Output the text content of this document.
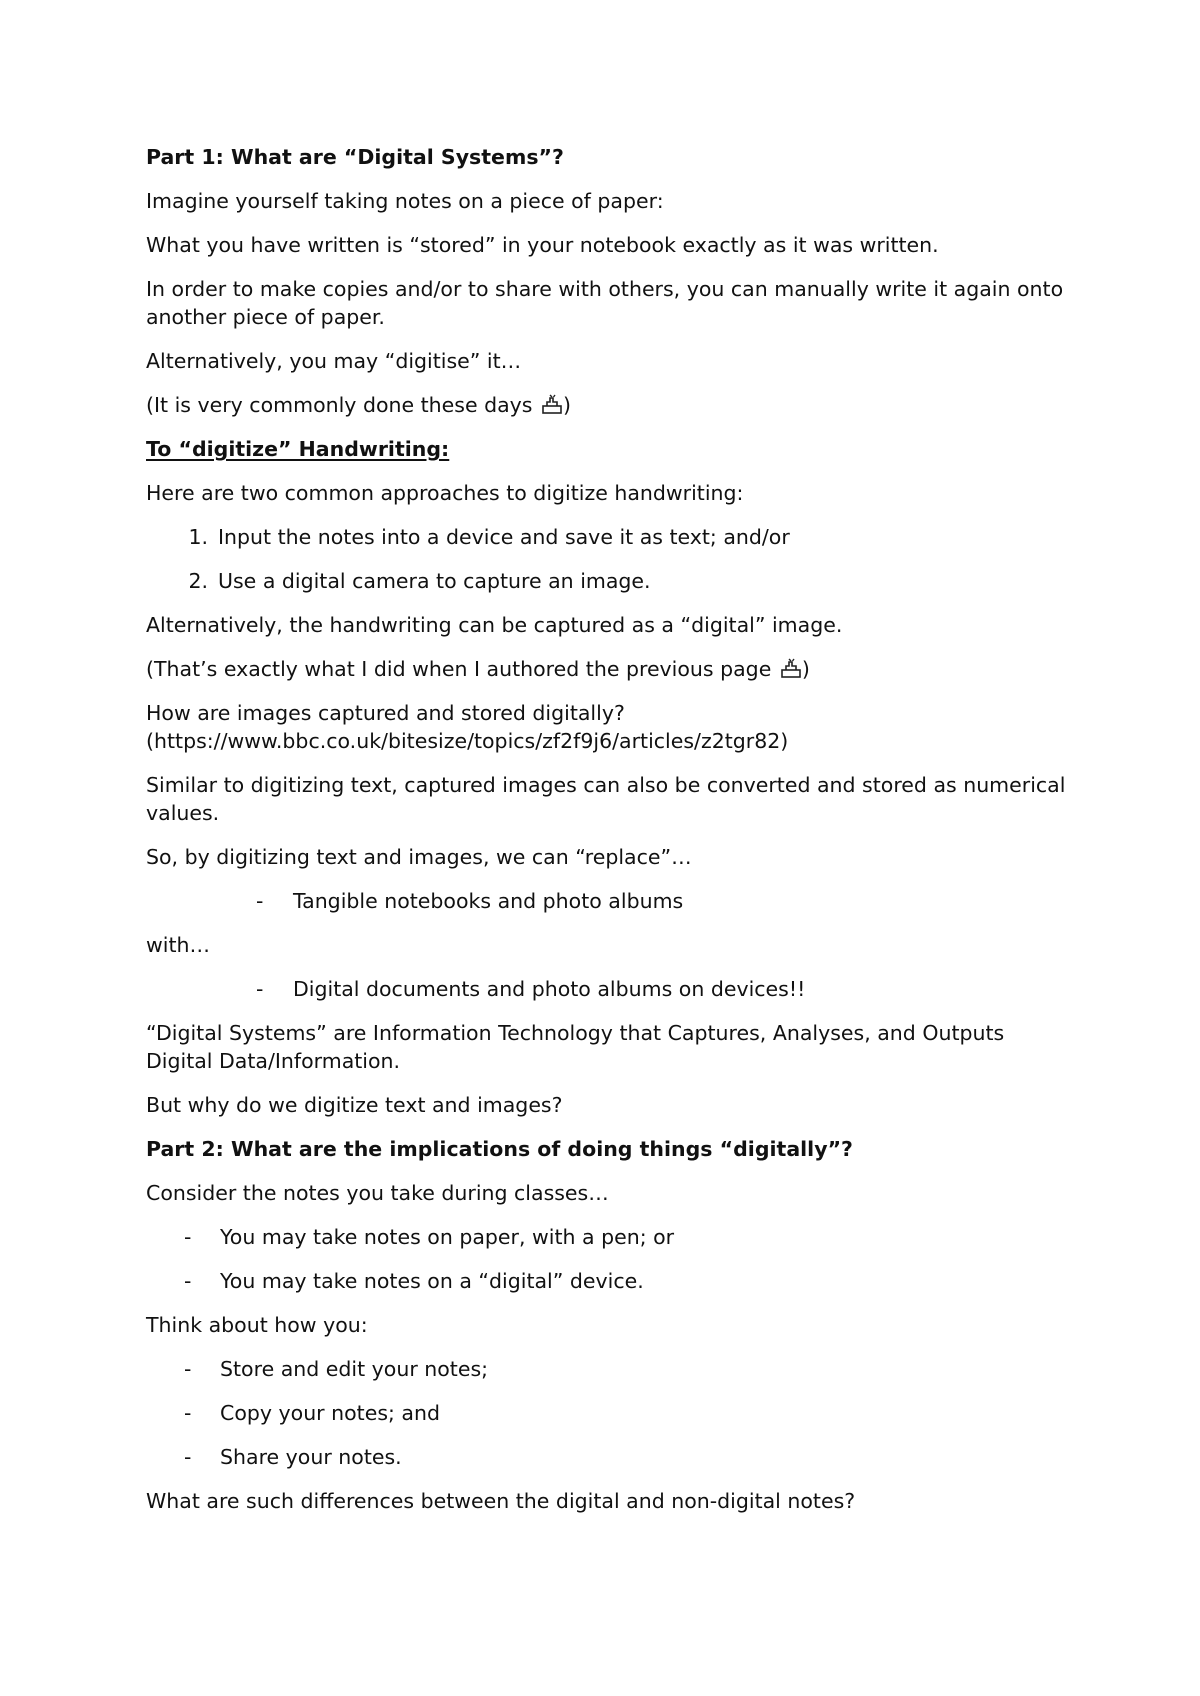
Part 1: What are “Digital Systems”?

Imagine yourself taking notes on a piece of paper:

What you have written is “stored” in your notebook exactly as it was written.

In order to make copies and/or to share with others, you can manually write it again onto another piece of paper.

Alternatively, you may “digitise” it…

(It is very commonly done these days )

To “digitize” Handwriting:

Here are two common approaches to digitize handwriting:

1. Input the notes into a device and save it as text; and/or
2. Use a digital camera to capture an image.

Alternatively, the handwriting can be captured as a “digital” image.

(That’s exactly what I did when I authored the previous page )

How are images captured and stored digitally?
(https://www.bbc.co.uk/bitesize/topics/zf2f9j6/articles/z2tgr82)

Similar to digitizing text, captured images can also be converted and stored as numerical values.

So, by digitizing text and images, we can “replace”…

-	Tangible notebooks and photo albums

with…

-	Digital documents and photo albums on devices!!

“Digital Systems” are Information Technology that Captures, Analyses, and Outputs Digital Data/Information.

But why do we digitize text and images?

Part 2: What are the implications of doing things “digitally”?

Consider the notes you take during classes…

-	You may take notes on paper, with a pen; or
-	You may take notes on a “digital” device.

Think about how you:

-	Store and edit your notes;
-	Copy your notes; and
-	Share your notes.

What are such differences between the digital and non-digital notes?
